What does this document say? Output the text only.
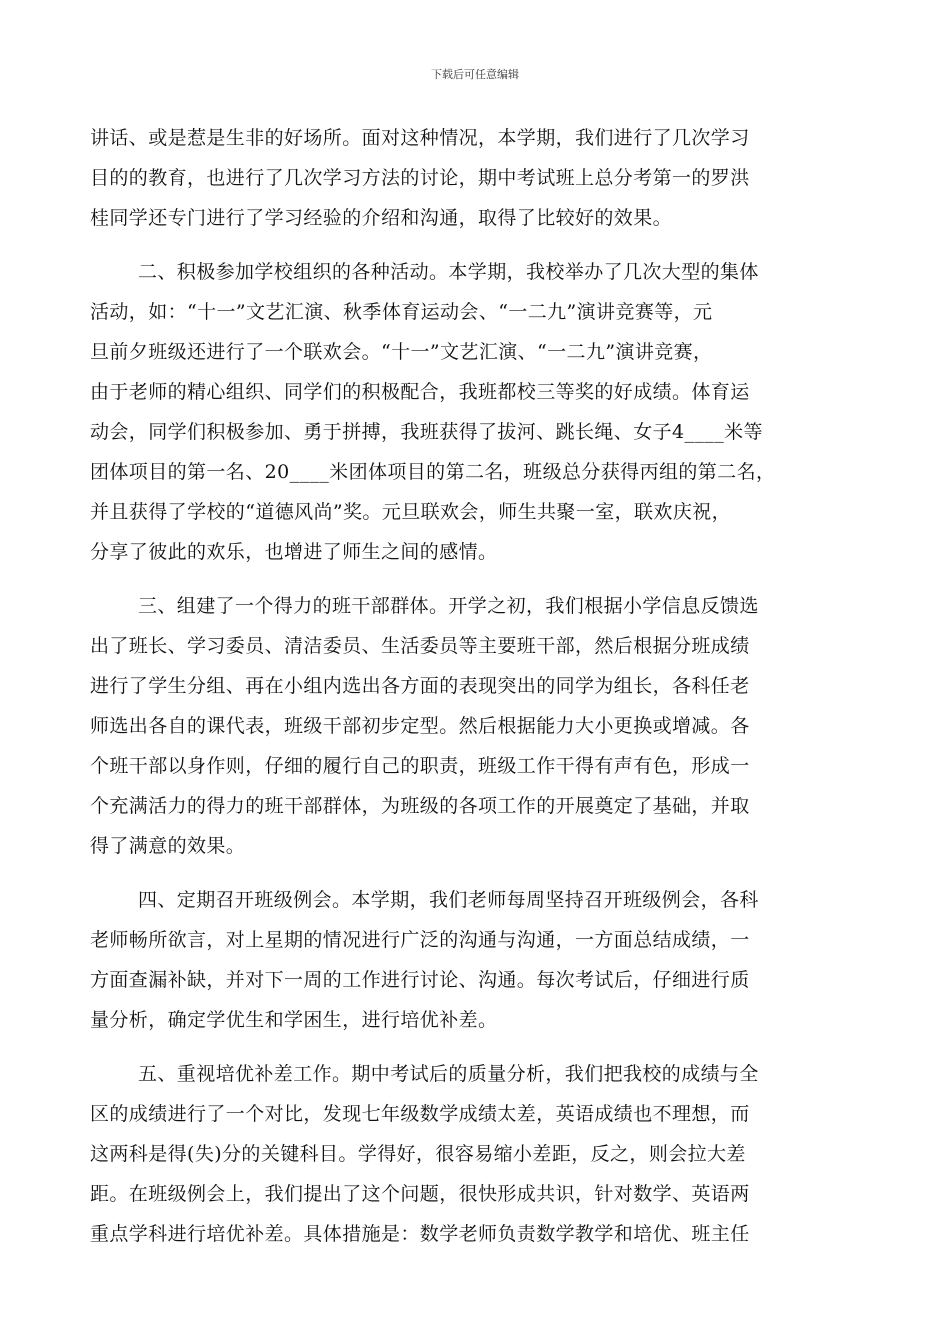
下载后可任意编辑
讲话、或是惹是生非的好场所。面对这种情况，本学期，我们进行了几次学习
目的的教育，也进行了几次学习方法的讨论，期中考试班上总分考第一的罗洪
桂同学还专门进行了学习经验的介绍和沟通，取得了比较好的效果。
二、积极参加学校组织的各种活动。本学期，我校举办了几次大型的集体
活动，如：“十一”文艺汇演、秋季体育运动会、“一二九”演讲竞赛等，元
旦前夕班级还进行了一个联欢会。“十一”文艺汇演、“一二九”演讲竞赛，
由于老师的精心组织、同学们的积极配合，我班都校三等奖的好成绩。体育运
动会，同学们积极参加、勇于拼搏，我班获得了拔河、跳长绳、女子4____米等
团体项目的第一名、20____米团体项目的第二名，班级总分获得丙组的第二名，
并且获得了学校的“道德风尚”奖。元旦联欢会，师生共聚一室，联欢庆祝，
分享了彼此的欢乐，也增进了师生之间的感情。
三、组建了一个得力的班干部群体。开学之初，我们根据小学信息反馈选
出了班长、学习委员、清洁委员、生活委员等主要班干部，然后根据分班成绩
进行了学生分组、再在小组内选出各方面的表现突出的同学为组长，各科任老
师选出各自的课代表，班级干部初步定型。然后根据能力大小更换或增减。各
个班干部以身作则，仔细的履行自己的职责，班级工作干得有声有色，形成一
个充满活力的得力的班干部群体，为班级的各项工作的开展奠定了基础，并取
得了满意的效果。
四、定期召开班级例会。本学期，我们老师每周坚持召开班级例会，各科
老师畅所欲言，对上星期的情况进行广泛的沟通与沟通，一方面总结成绩，一
方面查漏补缺，并对下一周的工作进行讨论、沟通。每次考试后，仔细进行质
量分析，确定学优生和学困生，进行培优补差。
五、重视培优补差工作。期中考试后的质量分析，我们把我校的成绩与全
区的成绩进行了一个对比，发现七年级数学成绩太差，英语成绩也不理想，而
这两科是得(失)分的关键科目。学得好，很容易缩小差距，反之，则会拉大差
距。在班级例会上，我们提出了这个问题，很快形成共识，针对数学、英语两
重点学科进行培优补差。具体措施是：数学老师负责数学教学和培优、班主任
